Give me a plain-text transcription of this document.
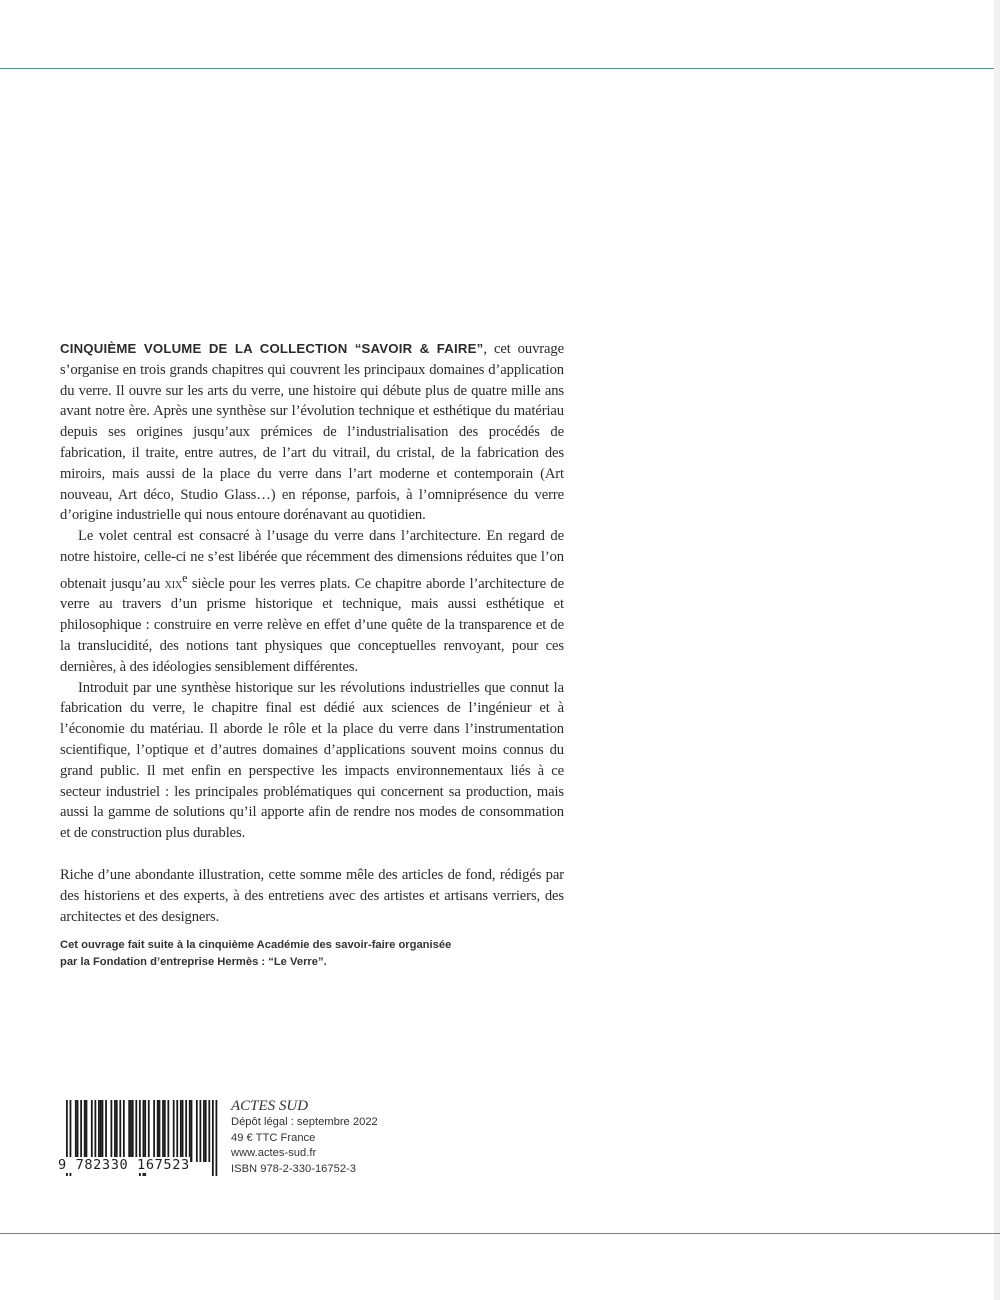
CINQUIÈME VOLUME DE LA COLLECTION “SAVOIR & FAIRE”, cet ouvrage s’organise en trois grands chapitres qui couvrent les principaux domaines d’application du verre. Il ouvre sur les arts du verre, une histoire qui débute plus de quatre mille ans avant notre ère. Après une synthèse sur l’évolution technique et esthétique du matériau depuis ses origines jusqu’aux prémices de l’industrialisation des procédés de fabrication, il traite, entre autres, de l’art du vitrail, du cristal, de la fabrication des miroirs, mais aussi de la place du verre dans l’art moderne et contemporain (Art nouveau, Art déco, Studio Glass…) en réponse, parfois, à l’omniprésence du verre d’origine industrielle qui nous entoure dorénavant au quotidien.

Le volet central est consacré à l’usage du verre dans l’architecture. En regard de notre histoire, celle-ci ne s’est libérée que récemment des dimensions réduites que l’on obtenait jusqu’au xix$^e$ siècle pour les verres plats. Ce chapitre aborde l’architecture de verre au travers d’un prisme historique et technique, mais aussi esthétique et philosophique : construire en verre relève en effet d’une quête de la transparence et de la translucidité, des notions tant physiques que conceptuelles renvoyant, pour ces dernières, à des idéologies sensiblement différentes.

Introduit par une synthèse historique sur les révolutions industrielles que connut la fabrication du verre, le chapitre final est dédié aux sciences de l’ingénieur et à l’économie du matériau. Il aborde le rôle et la place du verre dans l’instrumentation scientifique, l’optique et d’autres domaines d’applications souvent moins connus du grand public. Il met enfin en perspective les impacts environnementaux liés à ce secteur industriel : les principales problématiques qui concernent sa production, mais aussi la gamme de solutions qu’il apporte afin de rendre nos modes de consommation et de construction plus durables.

Riche d’une abondante illustration, cette somme mêle des articles de fond, rédigés par des historiens et des experts, à des entretiens avec des artistes et artisans verriers, des architectes et des designers.

Cet ouvrage fait suite à la cinquième Académie des savoir-faire organisée
par la Fondation d’entreprise Hermès : “Le Verre”.
9 782330 167523
ACTES SUD
Dépôt légal : septembre 2022
49 € TTC France
www.actes-sud.fr
ISBN 978-2-330-16752-3
